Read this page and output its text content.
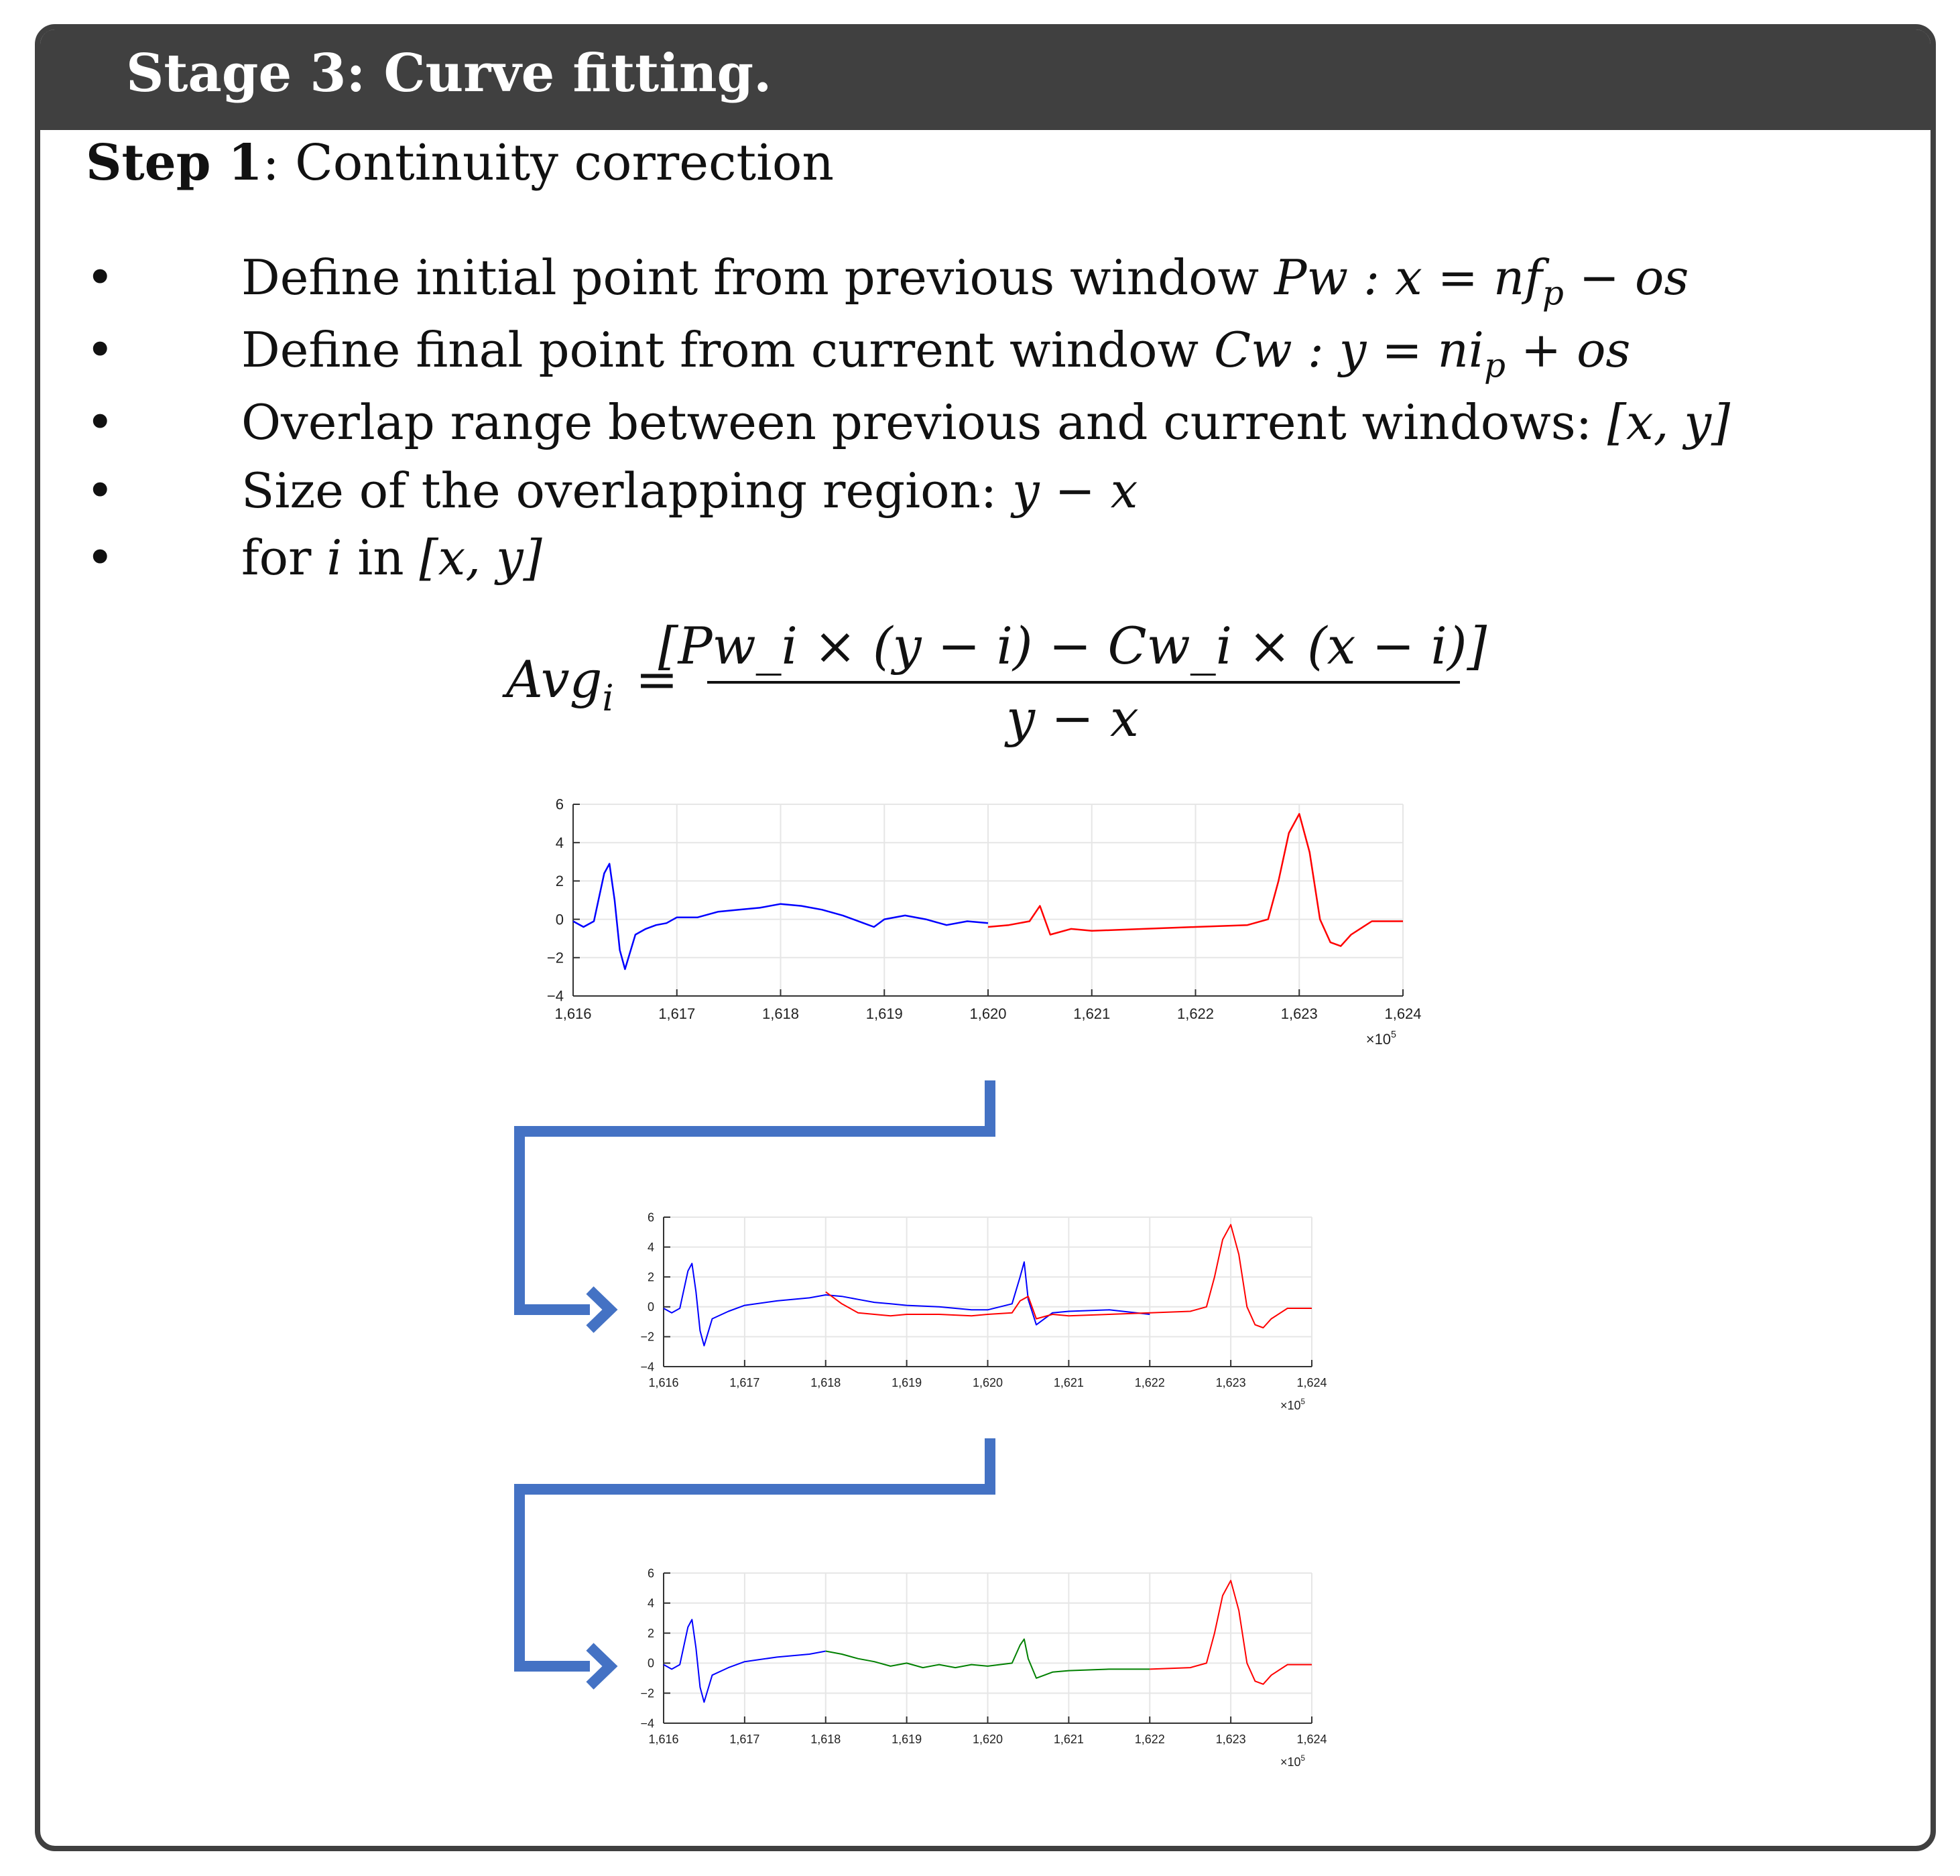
Stage 3: Curve fitting.
Step 1: Continuity correction
•	Define initial point from previous window Pw : $x = nf_p$ − os
•	Define final point from current window Cw : $y = ni_p$ + os
•	Overlap range between previous and current windows: [x, y]
•	Size of the overlapping region: y − x
•	for i in [x, y]
Avg$_i$ =
[Pw_i × (y − i) − Cw_i × (x − i)]
y − x
1,616	1,617	1,618	1,619	1,620	1,621	1,622	1,623	1,624
6
4
2
0
−2
−4
$\times 10^5$
1,616	1,617	1,618	1,619	1,620	1,621	1,622	1,623	1,624
6
4
2
0
−2
−4
$\times 10^5$
1,616	1,617	1,618	1,619	1,620	1,621	1,622	1,623	1,624
6
4
2
0
−2
−4
$\times 10^5$
